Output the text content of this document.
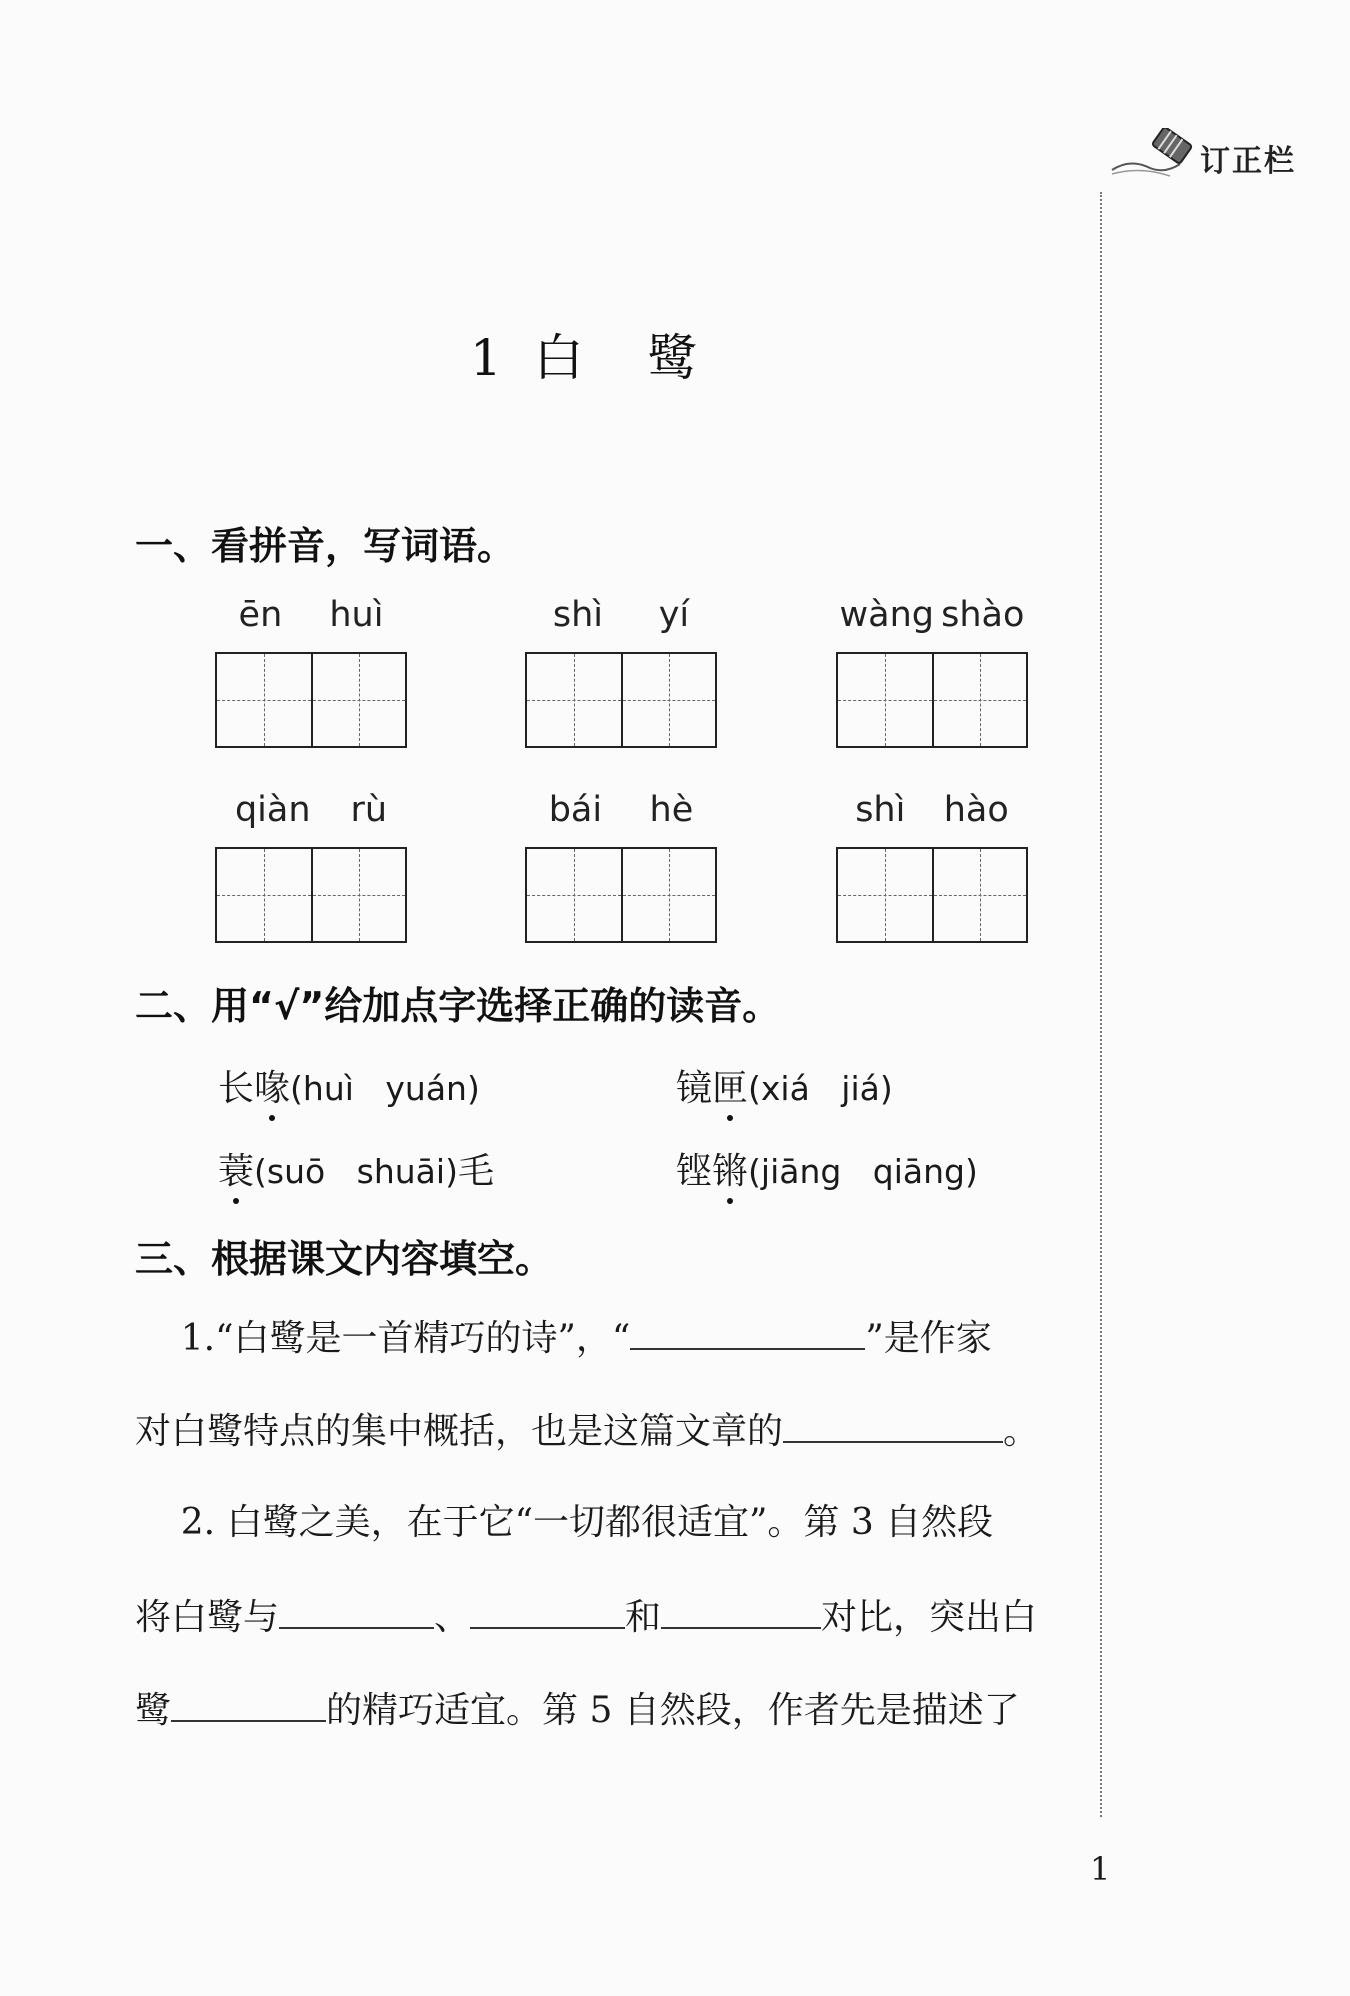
订正栏
1  白    鹭
一、看拼音，写词语。
ēn huì	shì yí	wàng shào
qiàn rù	bái hè	shì hào
二、用“√”给加点字选择正确的读音。
长喙(huì   yuán)	镜匣(xiá   jiá)
蓑(suō   shuāi)毛	铿锵(jiāng   qiāng)
三、根据课文内容填空。
1.“白鹭是一首精巧的诗”，“	”是作家
对白鹭特点的集中概括，也是这篇文章的	。
2. 白鹭之美，在于它“一切都很适宜”。第 3 自然段
将白鹭与	、	和	对比，突出白
鹭	的精巧适宜。第 5 自然段，作者先是描述了
1
